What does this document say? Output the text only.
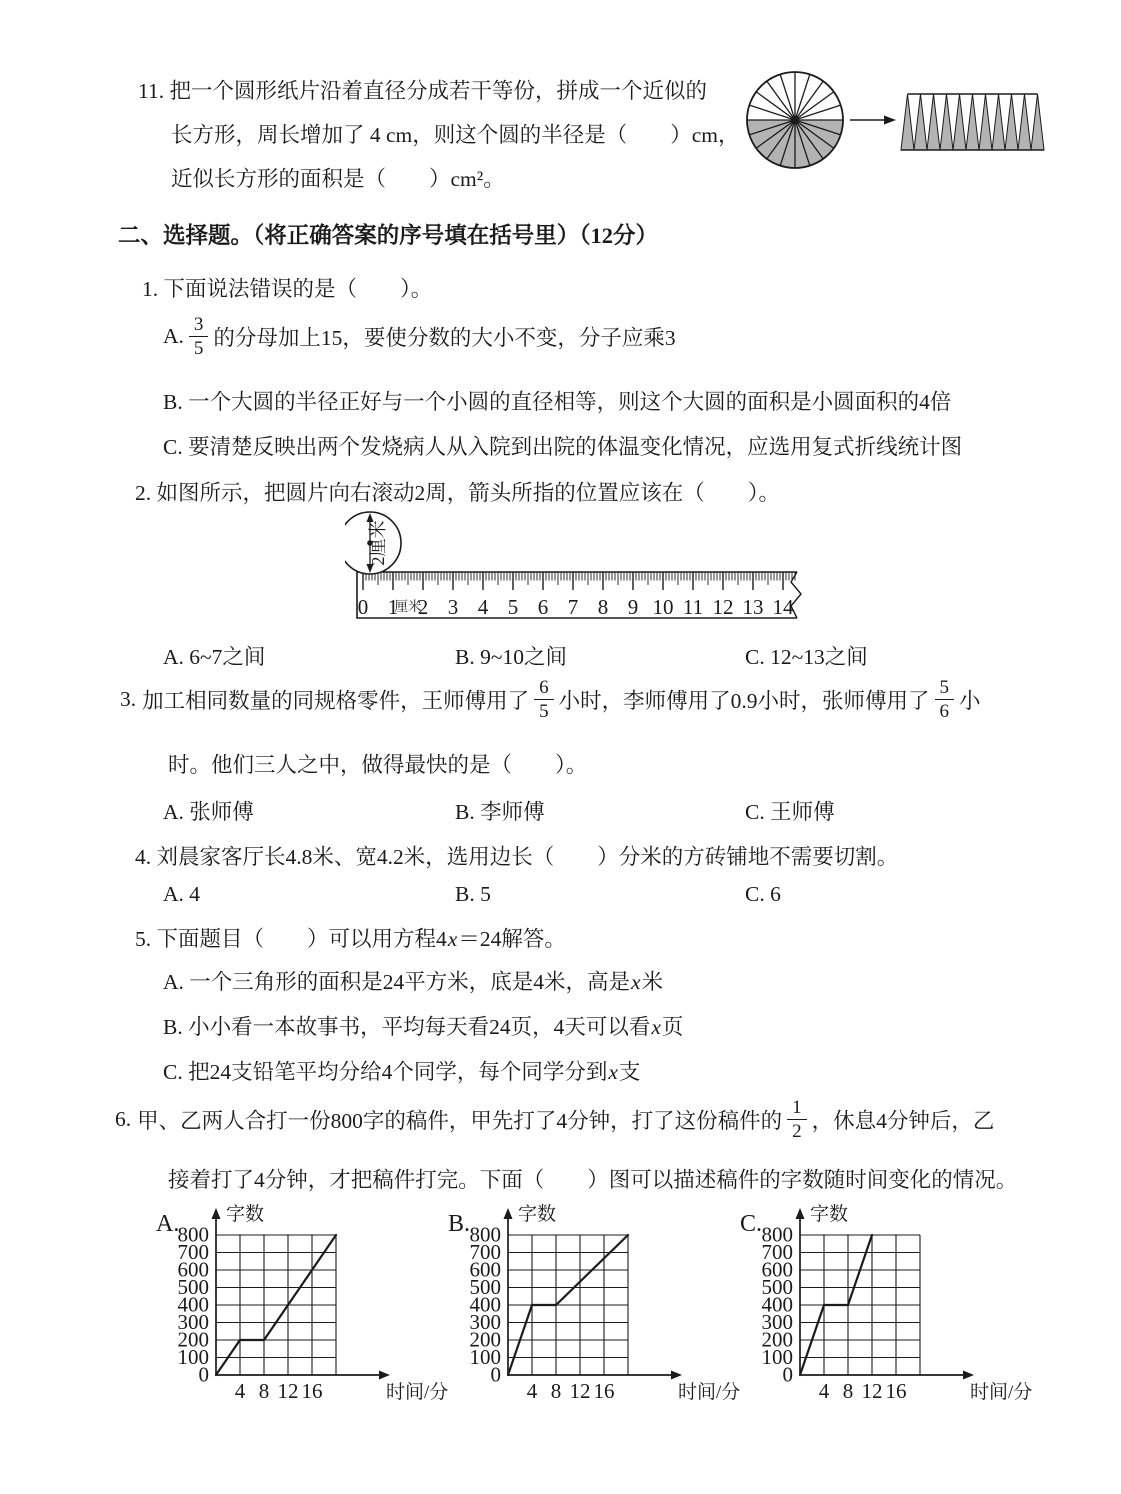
11. 把一个圆形纸片沿着直径分成若干等份，拼成一个近似的
长方形，周长增加了 4 cm，则这个圆的半径是（　　）cm，
近似长方形的面积是（　　）cm²。
二、选择题。（将正确答案的序号填在括号里）（12分）
1. 下面说法错误的是（　　）。
A. $\frac{3}{5}$ 的分母加上15，要使分数的大小不变，分子应乘3
B. 一个大圆的半径正好与一个小圆的直径相等，则这个大圆的面积是小圆面积的4倍
C. 要清楚反映出两个发烧病人从入院到出院的体温变化情况，应选用复式折线统计图
2. 如图所示，把圆片向右滚动2周，箭头所指的位置应该在（　　）。
0 1 2 3 4 5 6 7 8 9 10 11 12 13 14
厘米
2厘米
A. 6~7之间	B. 9~10之间	C. 12~13之间
3. 加工相同数量的同规格零件，王师傅用了 $\frac{6}{5}$ 小时，李师傅用了0.9小时，张师傅用了 $\frac{5}{6}$ 小
时。他们三人之中，做得最快的是（　　）。
A. 张师傅	B. 李师傅	C. 王师傅
4. 刘晨家客厅长4.8米、宽4.2米，选用边长（　　）分米的方砖铺地不需要切割。
A. 4	B. 5	C. 6
5. 下面题目（　　）可以用方程4x＝24解答。
A. 一个三角形的面积是24平方米，底是4米，高是x米
B. 小小看一本故事书，平均每天看24页，4天可以看x页
C. 把24支铅笔平均分给4个同学，每个同学分到x支
6. 甲、乙两人合打一份800字的稿件，甲先打了4分钟，打了这份稿件的 $\frac{1}{2}$ ，休息4分钟后，乙
接着打了4分钟，才把稿件打完。下面（　　）图可以描述稿件的字数随时间变化的情况。
A.
800
700
600
500
400
300
200
100
0
4 8 12 16
字数
时间/分
B. 800
700
600
500
400
300
200
100
0
4 8 12 16
字数
时间/分
C. 800
700
600
500
400
300
200
100
0
4 8 12 16
字数
时间/分
